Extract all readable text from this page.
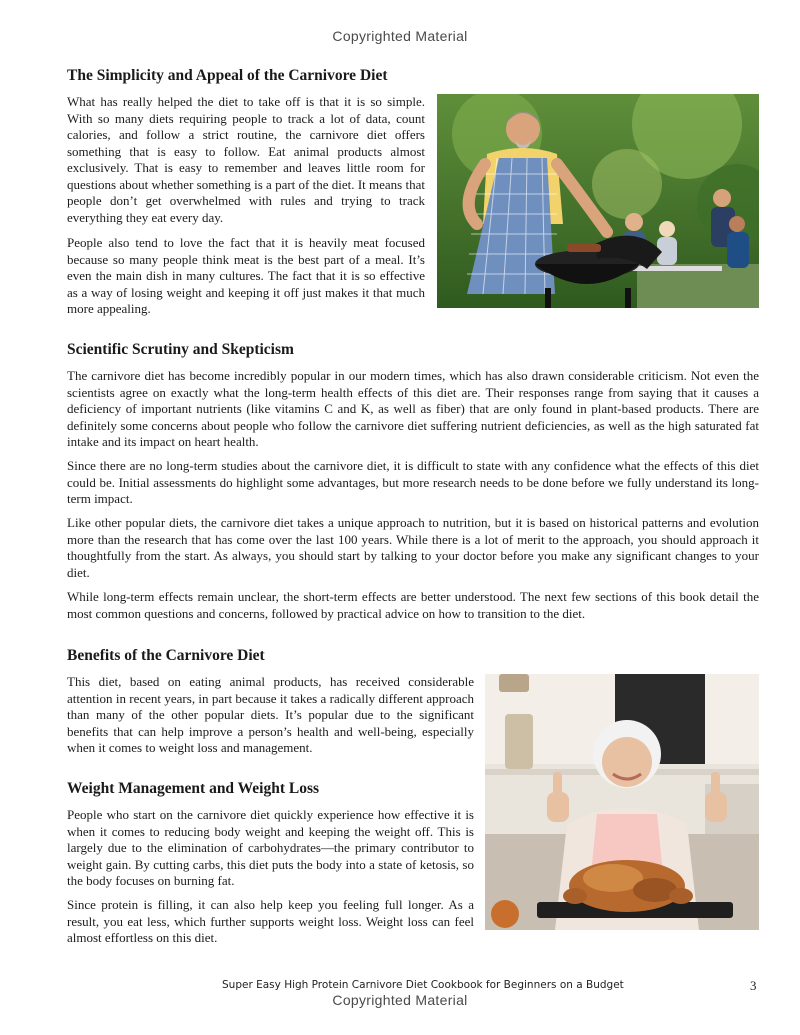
Copyrighted Material
The Simplicity and Appeal of the Carnivore Diet
What has really helped the diet to take off is that it is so simple. With so many diets requiring people to track a lot of data, count calories, and follow a strict routine, the carnivore diet offers something that is easy to follow. Eat animal products almost exclusively. That is easy to remember and leaves little room for questions about whether something is a part of the diet. It means that people don’t get overwhelmed with rules and trying to track everything they eat every day.
People also tend to love the fact that it is heavily meat focused because so many people think meat is the best part of a meal. It’s even the main dish in many cultures. The fact that it is so effective as a way of losing weight and keeping it off just makes it that much more appealing.
Scientific Scrutiny and Skepticism
The carnivore diet has become incredibly popular in our modern times, which has also drawn considerable criticism. Not even the scientists agree on exactly what the long-term health effects of this diet are. Their responses range from saying that it causes a deficiency of important nutrients (like vitamins C and K, as well as fiber) that are only found in plant-based products. There are definitely some concerns about people who follow the carnivore diet suffering nutrient deficiencies, as well as the high saturated fat intake and its impact on heart health.
Since there are no long-term studies about the carnivore diet, it is difficult to state with any confidence what the effects of this diet could be. Initial assessments do highlight some advantages, but more research needs to be done before we fully understand its long-term impact.
Like other popular diets, the carnivore diet takes a unique approach to nutrition, but it is based on historical patterns and evolution more than the research that has come over the last 100 years. While there is a lot of merit to the approach, you should approach it thoughtfully from the start. As always, you should start by talking to your doctor before you make any significant changes to your diet.
While long-term effects remain unclear, the short-term effects are better understood. The next few sections of this book detail the most common questions and concerns, followed by practical advice on how to transition to the diet.
Benefits of the Carnivore Diet
This diet, based on eating animal products, has received considerable attention in recent years, in part because it takes a radically different approach than many of the other popular diets. It’s popular due to the significant benefits that can help improve a person’s health and well-being, especially when it comes to weight loss and management.
Weight Management and Weight Loss
People who start on the carnivore diet quickly experience how effective it is when it comes to reducing body weight and keeping the weight off. This is largely due to the elimination of carbohydrates—the primary contributor to weight gain. By cutting carbs, this diet puts the body into a state of ketosis, so the body focuses on burning fat.
Since protein is filling, it can also help keep you feeling full longer. As a result, you eat less, which further supports weight loss. Weight loss can feel almost effortless on this diet.
Super Easy High Protein Carnivore Diet Cookbook for Beginners on a Budget	3
Copyrighted Material
